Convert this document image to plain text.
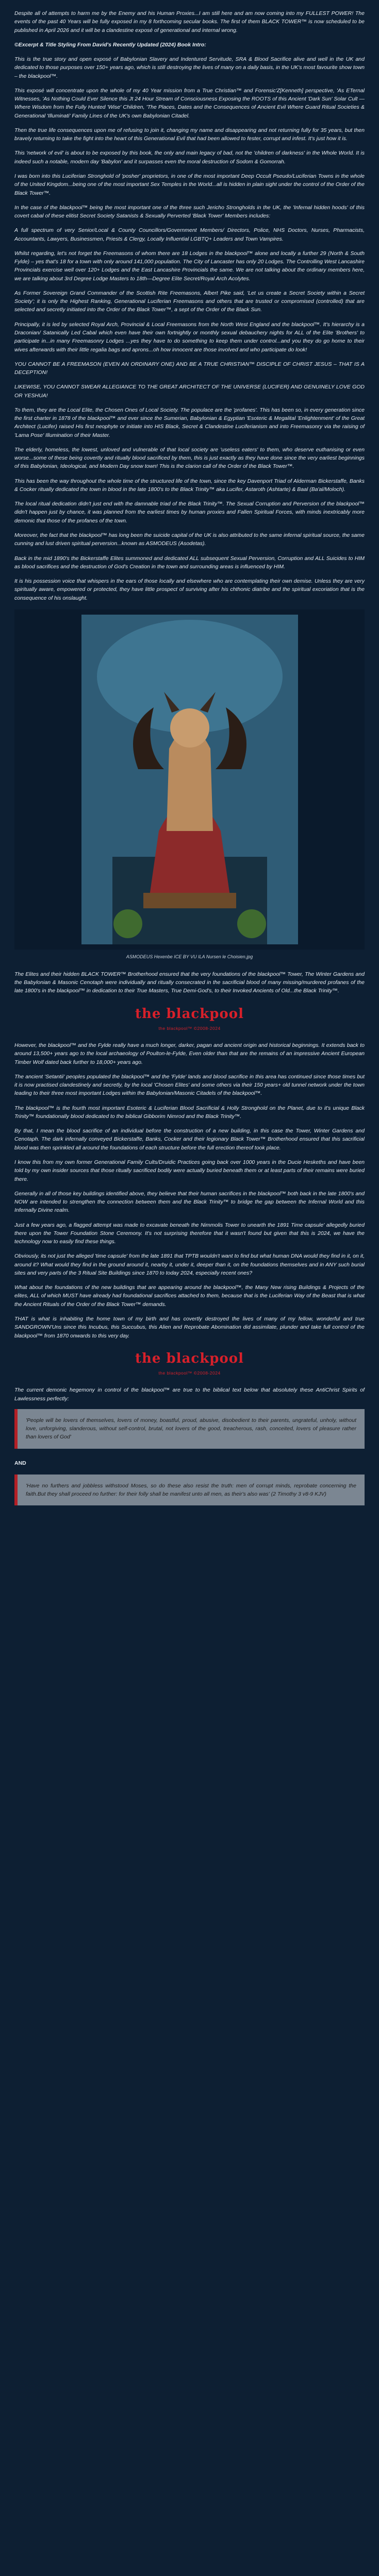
Despite all of attempts to harm me by the Enemy and his Human Proxies...I am still here and am now coming into my FULLEST POWER! The events of the past 40 Years will be fully exposed in my 8 forthcoming secular books. The first of them BLACK TOWER™ is now scheduled to be published in April 2026 and it will be a clandestine exposé of generational and internal wrong.

©Excerpt & Title Styling From David's Recently Updated (2024) Book Intro:

This is the true story and open exposé of Babylonian Slavery and Indentured Servitude, SRA & Blood Sacrifice alive and well in the UK and dedicated to those purposes over 150+ years ago, which is still destroying the lives of many on a daily basis, in the UK's most favourite show town – the blackpool™.

This exposé will concentrate upon the whole of my 40 Year mission from a True Christian™ and Forensic'Z[Kenneth] perspective, 'As ETernal Witnesses, 'As Nothing Could Ever Silence this Jt 24 Hour Stream of Consciousness Exposing the ROOTS of this Ancient 'Dark Sun' Solar Cult — Where Wisdom from the Fully Hunted 'Wise' Children, 'The Places, Dates and the Consequences of Ancient Evil Where Guard Ritual Societies & Generational 'Illuminati' Family Lines of the UK's own Babylonian Citadel.

Then the true life consequences upon me of refusing to join it, changing my name and disappearing and not returning fully for 35 years, but then bravely returning to take the fight into the heart of this Generational Evil that had been allowed to fester, corrupt and infest. It's just how it is.

This 'network of evil' is about to be exposed by this book, the only and main legacy of bad, not the 'children of darkness' in the Whole World. It is indeed such a notable, modern day 'Babylon' and it surpasses even the moral destruction of Sodom & Gomorrah.

I was born into this Luciferian Stronghold of 'posher' proprietors, in one of the most important Deep Occult Pseudo/Luciferian Towns in the whole of the United Kingdom...being one of the most important Sex Temples in the World...all is hidden in plain sight under the control of the Order of the Black Tower™.

In the case of the blackpool™ being the most important one of the three such Jericho Strongholds in the UK, the 'Infernal hidden hoods' of this covert cabal of these elitist Secret Society Satanists & Sexually Perverted 'Black Tower' Members includes:

A full spectrum of very Senior/Local & County Councillors/Government Members/ Directors, Police, NHS Doctors, Nurses, Pharmacists, Accountants, Lawyers, Businessmen, Priests & Clergy, Locally Influential LGBTQ+ Leaders and Town Vampires.

Whilst regarding, let's not forget the Freemasons of whom there are 18 Lodges in the blackpool™ alone and locally a further 29 (North & South Fylde) – yes that's 18 for a town with only around 141,000 population. The City of Lancaster has only 20 Lodges. The Controlling West Lancashire Provincials exercise well over 120+ Lodges and the East Lancashire Provincials the same. We are not talking about the ordinary members here, we are talking about 3rd Degree Lodge Masters to 18th—Degree Elite Secret/Royal Arch Acolytes.

As Former Sovereign Grand Commander of the Scottish Rite Freemasons, Albert Pike said, 'Let us create a Secret Society within a Secret Society'; it is only the Highest Ranking, Generational Luciferian Freemasons and others that are trusted or compromised (controlled) that are selected and secretly initiated into the Order of the Black Tower™, a sept of the Order of the Black Sun.

Principally, it is led by selected Royal Arch, Provincial & Local Freemasons from the North West England and the blackpool™. It's hierarchy is a Draconian/ Satanically Led Cabal which even have their own fortnightly or monthly sexual debauchery nights for ALL of the Elite 'Brothers' to participate in...in many Freemasonry Lodges ...yes they have to do something to keep them under control...and you they do go home to their wives afterwards with their little regalia bags and aprons...oh how innocent are those involved and who participate do look!

YOU CANNOT BE A FREEMASON (EVEN AN ORDINARY ONE) AND BE A TRUE CHRISTIAN™ DISCIPLE OF CHRIST JESUS – THAT IS A DECEPTION!

LIKEWISE, YOU CANNOT SWEAR ALLEGIANCE TO THE GREAT ARCHITECT OF THE UNIVERSE (LUCIFER) AND GENUINELY LOVE GOD OR YESHUA!

To them, they are the Local Elite, the Chosen Ones of Local Society. The populace are the 'profanes'. This has been so, in every generation since the first charter in 1878 of the blackpool™ and ever since the Sumerian, Babylonian & Egyptian 'Esoteric & Megalital 'Enlightenment' of the Great Architect (Lucifer) raised His first neophyte or initiate into HIS Black, Secret & Clandestine Luciferianism and into Freemasonry via the raising of 'Lama Pose' Illumination of their Master.

The elderly, homeless, the lowest, unloved and vulnerable of that local society are 'useless eaters' to them, who deserve euthanising or even worse...some of these being covertly and ritually blood sacrificed by them, this is just exactly as they have done since the very earliest beginnings of this Babylonian, Ideological, and Modern Day snow town! This is the clarion call of the Order of the Black Tower™.

This has been the way throughout the whole time of the structured life of the town, since the key Davenport Triad of Alderman Bickerstaffe, Banks & Cocker ritually dedicated the town in blood in the late 1800's to the Black Trinity™ aka Lucifer, Astaroth (Ashtarte) & Baal (Ba'al/Moloch).

The local ritual dedication didn't just end with the damnable triad of the Black Trinity™. The Sexual Corruption and Perversion of the blackpool™ didn't happen just by chance, it was planned from the earliest times by human proxies and Fallen Spiritual Forces, with minds inextricably more demonic that those of the profanes of the town.

Moreover, the fact that the blackpool™ has long been the suicide capital of the UK is also attributed to the same infernal spiritual source, the same cunning and lust driven spiritual perversion...known as ASMODEUS (Asodetas).

Back in the mid 1890's the Bickerstaffe Elites summoned and dedicated ALL subsequent Sexual Perversion, Corruption and ALL Suicides to HIM as blood sacrifices and the destruction of God's Creation in the town and surrounding areas is influenced by HIM.

It is his possession voice that whispers in the ears of those locally and elsewhere who are contemplating their own demise. Unless they are very spiritually aware, empowered or protected, they have little prospect of surviving after his chthonic diatribe and the spiritual excoriation that is the consequence of his onslaught.

ASMODEUS Hexenbe ICE BY VU ILA Nursen le Choisien.jpg

The Elites and their hidden BLACK TOWER™ Brotherhood ensured that the very foundations of the blackpool™ Tower, The Winter Gardens and the Babylonian & Masonic Cenotaph were individually and ritually consecrated in the sacrificial blood of many missing/murdered profanes of the late 1800's in the blackpool™ in dedication to their True Masters, True Demi-God's, to their Invoked Ancients of Old...the Black Trinity™.

the blackpool
the blackpool™ ©2008-2024

However, the blackpool™ and the Fylde really have a much longer, darker, pagan and ancient origin and historical beginnings. It extends back to around 13,500+ years ago to the local archaeology of Poulton-le-Fylde, Even older than that are the remains of an impressive Ancient European Timber Wolf dated back further to 18,000+ years ago.

The ancient 'Setantii' peoples populated the blackpool™ and the 'Fylde' lands and blood sacrifice in this area has continued since those times but it is now practised clandestinely and secretly, by the local 'Chosen Elites' and some others via their 150 years+ old tunnel network under the town leading to their three most important Lodges within the Babylonian/Masonic Citadels of the blackpool™.

The blackpool™ is the fourth most important Esoteric & Luciferian Blood Sacrificial & Holly Stronghold on the Planet, due to it's unique Black Trinity™ foundationally blood dedicated to the biblical Gibborim Nimrod and the Black Trinity™.

By that, I mean the blood sacrifice of an individual before the construction of a new building, in this case the Tower, Winter Gardens and Cenotaph. The dark infernally conveyed Bickerstaffe, Banks, Cocker and their legionary Black Tower™ Brotherhood ensured that this sacrificial blood was then sprinkled all around the foundations of each structure before the full erection thereof took place.

I know this from my own former Generational Family Cults/Druidic Practices going back over 1000 years in the Ducie Heskeths and have been told by my own insider sources that those ritually sacrificed bodily were actually buried beneath them or at least parts of their remains were buried there.

Generally in all of those key buildings identified above, they believe that their human sacrifices in the blackpool™ both back in the late 1800's and NOW are intended to strengthen the connection between them and the Black Trinity™ to bridge the gap between the Infernal World and this Infernally Divine realm.

Just a few years ago, a flagged attempt was made to excavate beneath the Nimmolis Tower to unearth the 1891 Time capsule' allegedly buried there upon the Tower Foundation Stone Ceremony. It's not surprising therefore that it wasn't found but given that this is 2024, we have the technology now to easily find these things.

Obviously, its not just the alleged 'time capsule' from the late 1891 that TPTB wouldn't want to find but what human DNA would they find in it, on it, around it? What would they find in the ground around it, nearby it, under it, deeper than it, on the foundations themselves and in ANY such burial sites and very parts of the 3 Ritual Site Buildings since 1870 to today 2024, especially recent ones?

What about the foundations of the new buildings that are appearing around the blackpool™, the Many New rising Buildings & Projects of the elites, ALL of which MUST have already had foundational sacrifices attached to them, because that is the Luciferian Way of the Beast that is what the Ancient Rituals of the Order of the Black Tower™ demands.

THAT is what is inhabiting the home town of my birth and has covertly destroyed the lives of many of my fellow, wonderful and true SANDGROWN'Uns since this Incubus, this Succubus, this Alien and Reprobate Abomination did assimilate, plunder and take full control of the blackpool™ from 1870 onwards to this very day.

the blackpool
the blackpool™ ©2008-2024

The current demonic hegemony in control of the blackpool™ are true to the biblical text below that absolutely these AntiChrist Spirits of Lawlessness perfectly:

'People will be lovers of themselves, lovers of money, boastful, proud, abusive, disobedient to their parents, ungrateful, unholy, without love, unforgiving, slanderous, without self-control, brutal, not lovers of the good, treacherous, rash, conceited, lovers of pleasure rather than lovers of God'

AND

'Have no furthers and jobbless withstood Moses, so do these also resist the truth: men of corrupt minds, reprobate concerning the faith.But they shall proceed no further: for their folly shall be manifest unto all men, as their's also was' (2 Timothy 3 v8-9 KJV)
